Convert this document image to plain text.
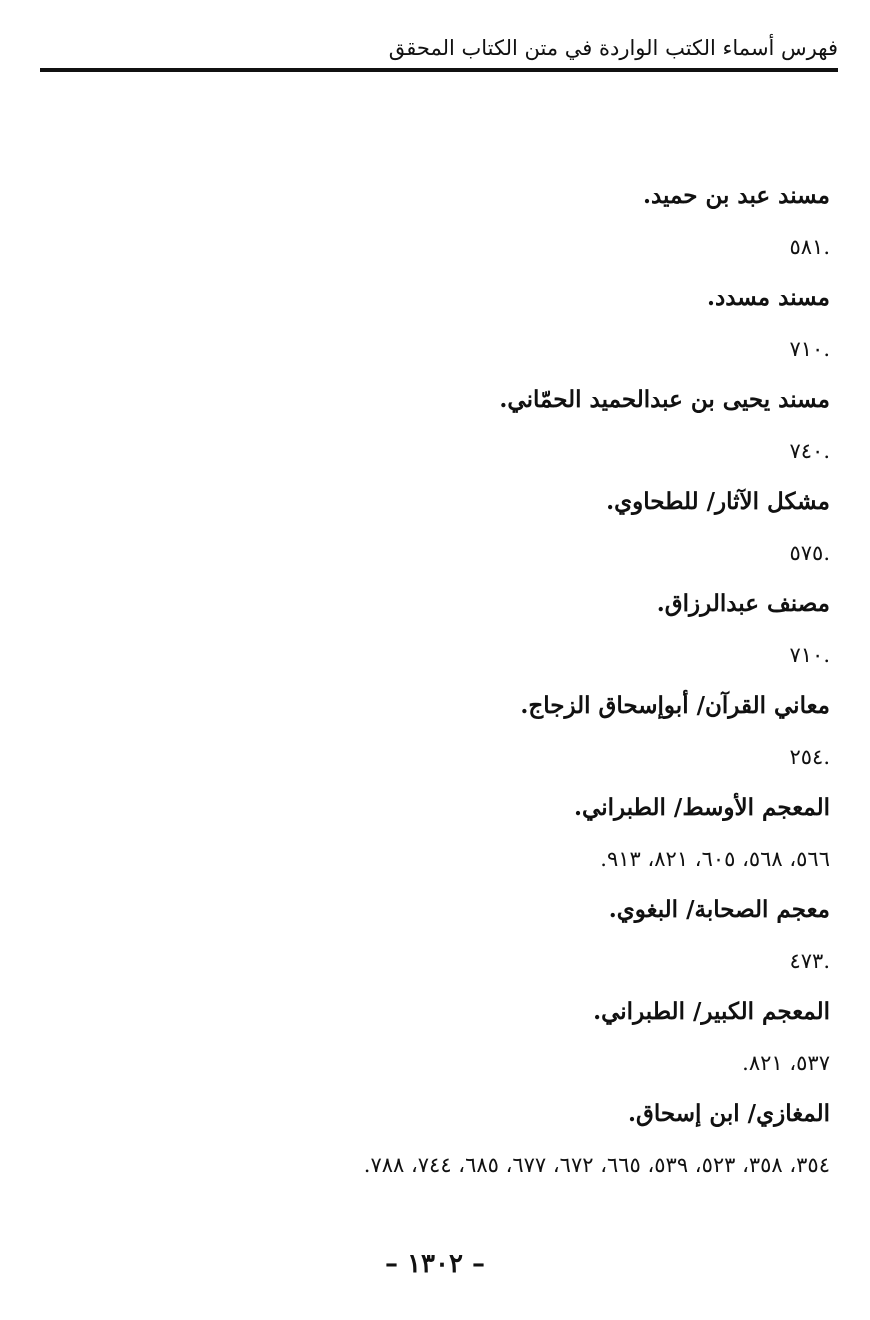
فهرس أسماء الكتب الواردة في متن الكتاب المحقق
مسند عبد بن حميد.
.٥٨١
مسند مسدد.
.٧١٠
مسند يحيى بن عبدالحميد الحمّاني.
.٧٤٠
مشكل الآثار/ للطحاوي.
.٥٧٥
مصنف عبدالرزاق.
.٧١٠
معاني القرآن/ أبوإسحاق الزجاج.
.٢٥٤
المعجم الأوسط/ الطبراني.
٥٦٦، ٥٦٨، ٦٠٥، ٨٢١، ٩١٣.
معجم الصحابة/ البغوي.
.٤٧٣
المعجم الكبير/ الطبراني.
٥٣٧، ٨٢١.
المغازي/ ابن إسحاق.
٣٥٤، ٣٥٨، ٥٢٣، ٥٣٩، ٦٦٥، ٦٧٢، ٦٧٧، ٦٨٥، ٧٤٤، ٧٨٨.
– ١٣٠٢ –
